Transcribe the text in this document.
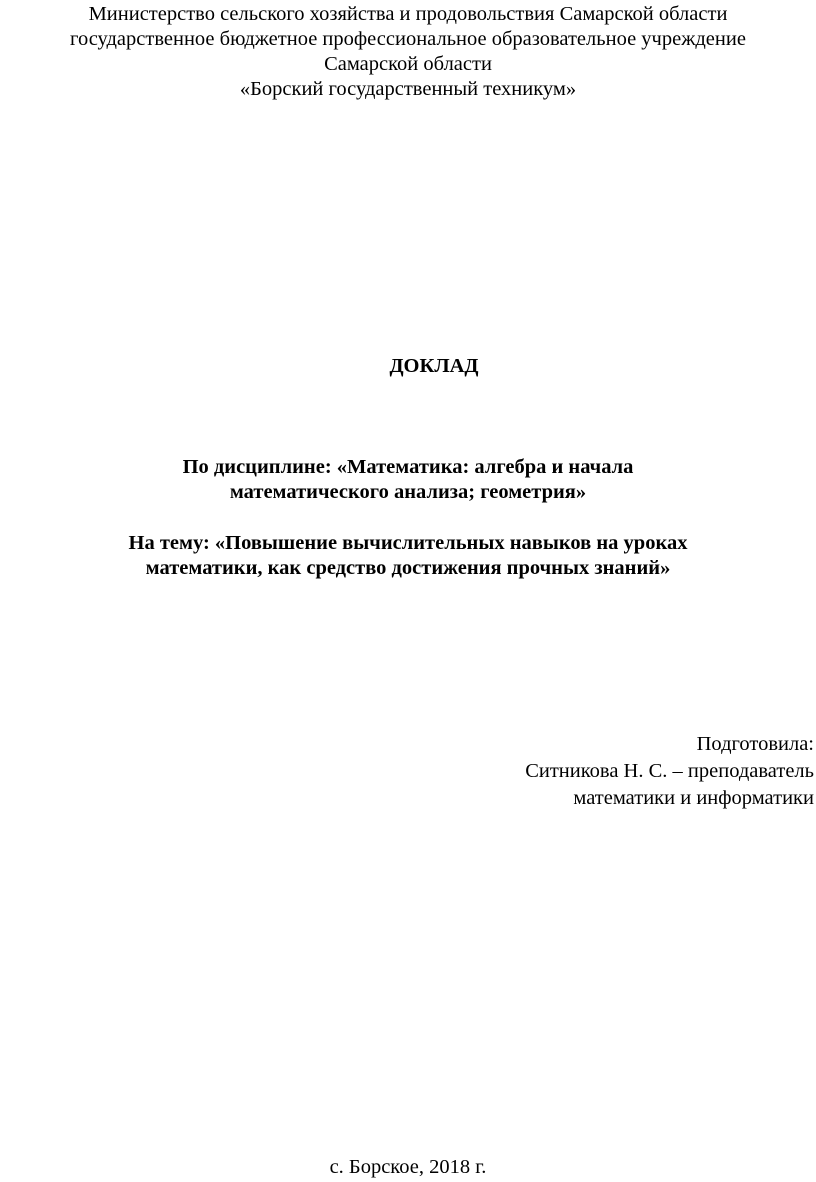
Министерство сельского хозяйства и продовольствия Самарской области
государственное бюджетное профессиональное образовательное учреждение
Самарской области
«Борский государственный техникум»
ДОКЛАД
По дисциплине: «Математика: алгебра и начала
математического анализа; геометрия»
На тему: «Повышение вычислительных навыков на уроках
математики, как средство достижения прочных знаний»
Подготовила:
Ситникова Н. С. – преподаватель
математики и информатики
с. Борское, 2018 г.
